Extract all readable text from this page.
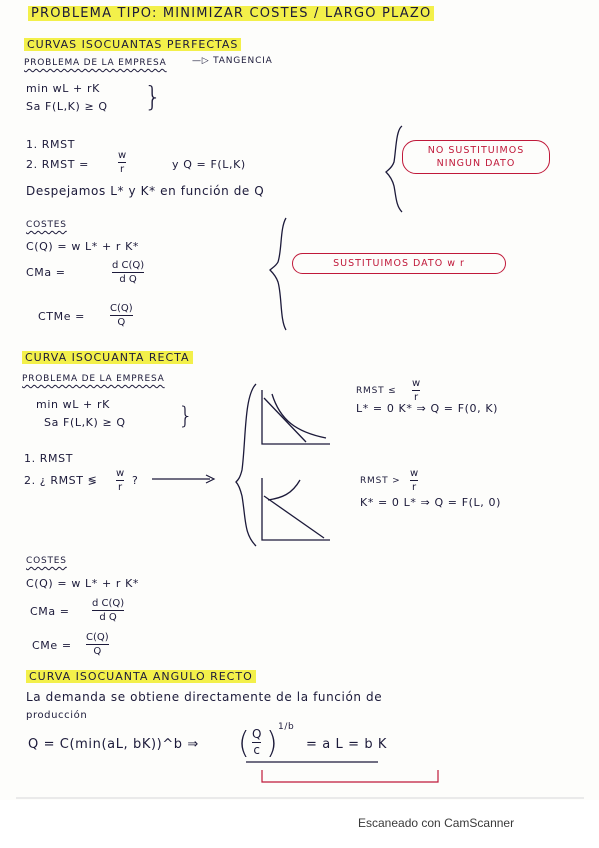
PROBLEMA TIPO: MINIMIZAR COSTES / LARGO PLAZO
CURVAS ISOCUANTAS PERFECTAS
PROBLEMA DE LA EMPRESA	—▷ TANGENCIA
min wL + rK
Sa F(L,K) ≥ Q }
1. RMST
2. RMST =
w
r	y Q = F(L,K)
NO SUSTITUIMOS NINGUN DATO
Despejamos L* y K* en función de Q
COSTES
C(Q) = w L* + r K*
CMa =
d C(Q)
d Q
CTMe =
C(Q)
Q
SUSTITUIMOS DATO w r
CURVA ISOCUANTA RECTA
PROBLEMA DE LA EMPRESA
min wL + rK
Sa F(L,K) ≥ Q }
1. RMST
2. ¿ RMST ≶
w
r
?
RMST ≤
w
r
L* = 0 K* ⇒ Q = F(0, K)
RMST >
w
r
K* = 0 L* ⇒ Q = F(L, 0)
COSTES
C(Q) = w L* + r K*
CMa =
d C(Q)
d Q
CMe =
C(Q)
Q
CURVA ISOCUANTA ANGULO RECTO
La demanda se obtiene directamente de la función de
producción
Q = C(min(aL, bK))^b ⇒ ( Q
c ) 1/b
= a L = b K
Escaneado con CamScanner
